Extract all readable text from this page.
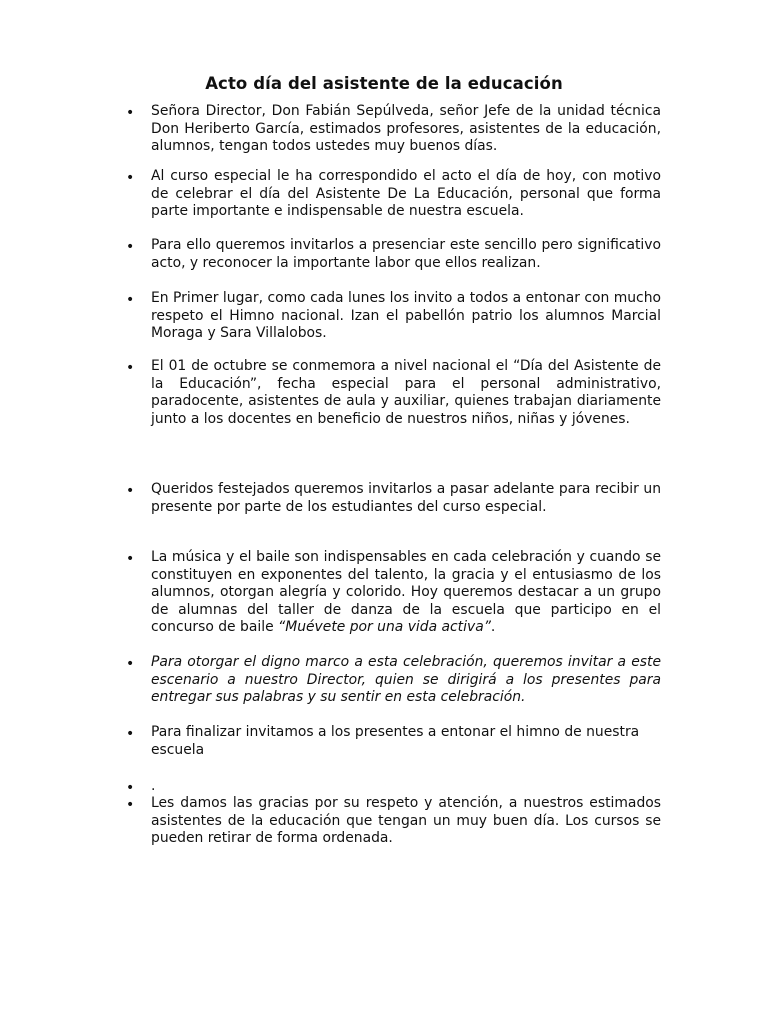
Acto día del asistente de la educación
• Señora Director, Don Fabián Sepúlveda, señor Jefe de la unidad técnica Don Heriberto García, estimados profesores, asistentes de la educación, alumnos, tengan todos ustedes muy buenos días.

• Al curso especial le ha correspondido el acto el día de hoy, con motivo de celebrar el día del Asistente De La Educación, personal que forma parte importante e indispensable de nuestra escuela.

• Para ello queremos invitarlos a presenciar este sencillo pero significativo acto, y reconocer la importante labor que ellos realizan.

• En Primer lugar, como cada lunes los invito a todos a entonar con mucho respeto el Himno nacional. Izan el pabellón patrio los alumnos Marcial Moraga y Sara Villalobos.

• El 01 de octubre se conmemora a nivel nacional el “Día del Asistente de la Educación”, fecha especial para el personal administrativo, paradocente, asistentes de aula y auxiliar, quienes trabajan diariamente junto a los docentes en beneficio de nuestros niños, niñas y jóvenes.

• Queridos festejados queremos invitarlos a pasar adelante para recibir un presente por parte de los estudiantes del curso especial.

• La música y el baile son indispensables en cada celebración y cuando se constituyen en exponentes del talento, la gracia y el entusiasmo de los alumnos, otorgan alegría y colorido. Hoy queremos destacar a un grupo de alumnas del taller de danza de la escuela que participo en el concurso de baile “Muévete por una vida activa”.

• Para otorgar el digno marco a esta celebración, queremos invitar a este escenario a nuestro Director, quien se dirigirá a los presentes para entregar sus palabras y su sentir en esta celebración.

• Para finalizar invitamos a los presentes a entonar el himno de nuestra escuela

• .

• Les damos las gracias por su respeto y atención, a nuestros estimados asistentes de la educación que tengan un muy buen día. Los cursos se pueden retirar de forma ordenada.
